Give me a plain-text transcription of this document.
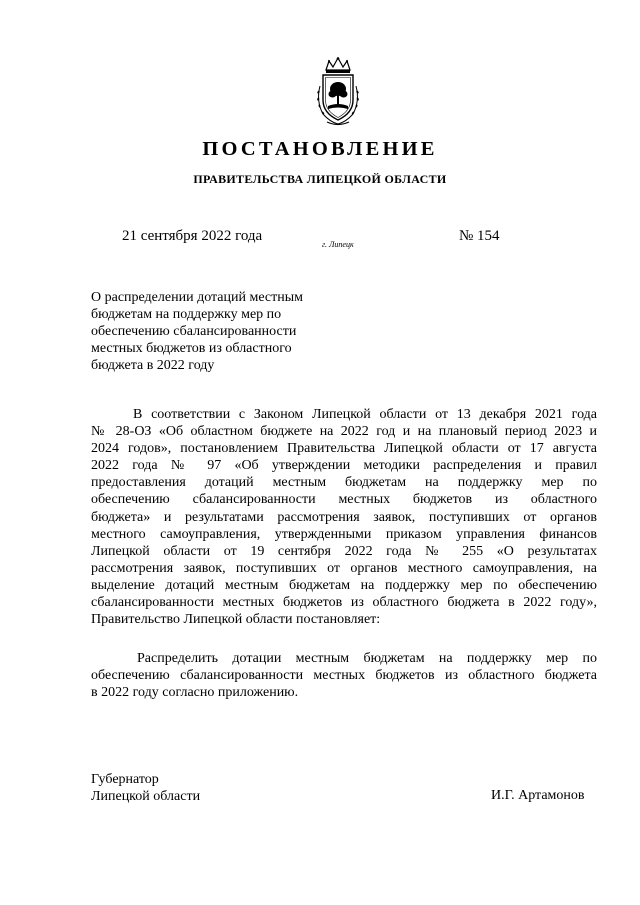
ПОСТАНОВЛЕНИЕ
ПРАВИТЕЛЬСТВА ЛИПЕЦКОЙ ОБЛАСТИ
21 сентября 2022 года
г. Липецк
№ 154
О распределении дотаций местным
бюджетам на поддержку мер по
обеспечению сбалансированности
местных бюджетов из областного
бюджета в 2022 году
В соответствии с Законом Липецкой области от 13 декабря 2021 года
№ 28-ОЗ «Об областном бюджете на 2022 год и на плановый период 2023 и
2024 годов», постановлением Правительства Липецкой области от 17 августа
2022 года № 97 «Об утверждении методики распределения и правил
предоставления дотаций местным бюджетам на поддержку мер по
обеспечению сбалансированности местных бюджетов из областного
бюджета» и результатами рассмотрения заявок, поступивших от органов
местного самоуправления, утвержденными приказом управления финансов
Липецкой области от 19 сентября 2022 года № 255 «О результатах
рассмотрения заявок, поступивших от органов местного самоуправления, на
выделение дотаций местным бюджетам на поддержку мер по обеспечению
сбалансированности местных бюджетов из областного бюджета в 2022 году»,
Правительство Липецкой области постановляет:
Распределить дотации местным бюджетам на поддержку мер по
обеспечению сбалансированности местных бюджетов из областного бюджета
в 2022 году согласно приложению.
Губернатор
Липецкой области	И.Г. Артамонов
